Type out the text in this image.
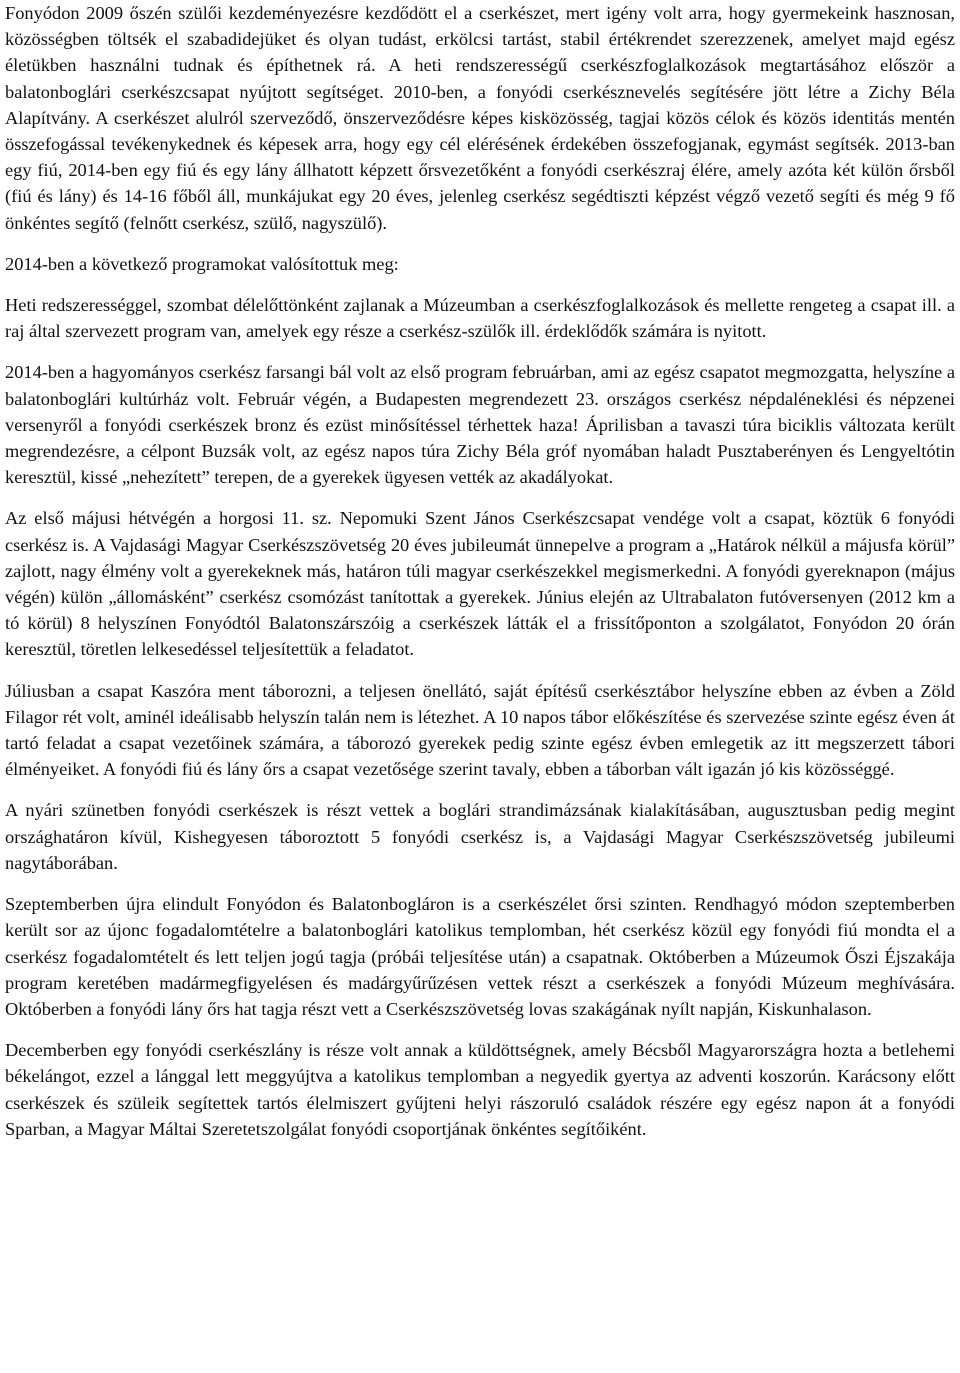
Fonyódon 2009 őszén szülői kezdeményezésre kezdődött el a cserkészet, mert igény volt arra, hogy gyermekeink hasznosan, közösségben töltsék el szabadidejüket és olyan tudást, erkölcsi tartást, stabil értékrendet szerezzenek, amelyet majd egész életükben használni tudnak és építhetnek rá. A heti rendszerességű cserkészfoglalkozások megtartásához először a balatonboglári cserkészcsapat nyújtott segítséget. 2010-ben, a fonyódi cserkésznevelés segítésére jött létre a Zichy Béla Alapítvány. A cserkészet alulról szerveződő, önszerveződésre képes kisközösség, tagjai közös célok és közös identitás mentén összefogással tevékenykednek és képesek arra, hogy egy cél elérésének érdekében összefogjanak, egymást segítsék. 2013-ban egy fiú, 2014-ben egy fiú és egy lány állhatott képzett őrsvezetőként a fonyódi cserkészraj élére, amely azóta két külön őrsből (fiú és lány) és 14-16 főből áll, munkájukat egy 20 éves, jelenleg cserkész segédtiszti képzést végző vezető segíti és még 9 fő önkéntes segítő (felnőtt cserkész, szülő, nagyszülő).

2014-ben a következő programokat valósítottuk meg:

Heti redszerességgel, szombat délelőttönként zajlanak a Múzeumban a cserkészfoglalkozások és mellette rengeteg a csapat ill. a raj által szervezett program van, amelyek egy része a cserkész-szülők ill. érdeklődők számára is nyitott.

2014-ben a hagyományos cserkész farsangi bál volt az első program februárban, ami az egész csapatot megmozgatta, helyszíne a balatonboglári kultúrház volt. Február végén, a Budapesten megrendezett 23. országos cserkész népdaléneklési és népzenei versenyről a fonyódi cserkészek bronz és ezüst minősítéssel térhettek haza! Áprilisban a tavaszi túra biciklis változata került megrendezésre, a célpont Buzsák volt, az egész napos túra Zichy Béla gróf nyomában haladt Pusztaberényen és Lengyeltótin keresztül, kissé „nehezített” terepen, de a gyerekek ügyesen vették az akadályokat.

Az első májusi hétvégén a horgosi 11. sz. Nepomuki Szent János Cserkészcsapat vendége volt a csapat, köztük 6 fonyódi cserkész is. A Vajdasági Magyar Cserkészszövetség 20 éves jubileumát ünnepelve a program a „Határok nélkül a májusfa körül” zajlott, nagy élmény volt a gyerekeknek más, határon túli magyar cserkészekkel megismerkedni. A fonyódi gyereknapon (május végén) külön „állomásként” cserkész csomózást tanítottak a gyerekek. Június elején az Ultrabalaton futóversenyen (2012 km a tó körül) 8 helyszínen Fonyódtól Balatonszárszóig a cserkészek látták el a frissítőponton a szolgálatot, Fonyódon 20 órán keresztül, töretlen lelkesedéssel teljesítettük a feladatot.

Júliusban a csapat Kaszóra ment táborozni, a teljesen önellátó, saját építésű cserkésztábor helyszíne ebben az évben a Zöld Filagor rét volt, aminél ideálisabb helyszín talán nem is létezhet. A 10 napos tábor előkészítése és szervezése szinte egész éven át tartó feladat a csapat vezetőinek számára, a táborozó gyerekek pedig szinte egész évben emlegetik az itt megszerzett tábori élményeiket. A fonyódi fiú és lány őrs a csapat vezetősége szerint tavaly, ebben a táborban vált igazán jó kis közösséggé.

A nyári szünetben fonyódi cserkészek is részt vettek a boglári strandimázsának kialakításában, augusztusban pedig megint országhatáron kívül, Kishegyesen táboroztott 5 fonyódi cserkész is, a Vajdasági Magyar Cserkészszövetség jubileumi nagytáborában.

Szeptemberben újra elindult Fonyódon és Balatonbogláron is a cserkészélet őrsi szinten. Rendhagyó módon szeptemberben került sor az újonc fogadalomtételre a balatonboglári katolikus templomban, hét cserkész közül egy fonyódi fiú mondta el a cserkész fogadalomtételt és lett teljen jogú tagja (próbái teljesítése után) a csapatnak. Októberben a Múzeumok Őszi Éjszakája program keretében madármegfigyelésen és madárgyűrűzésen vettek részt a cserkészek a fonyódi Múzeum meghívására. Októberben a fonyódi lány őrs hat tagja részt vett a Cserkészszövetség lovas szakágának nyílt napján, Kiskunhalason.

Decemberben egy fonyódi cserkészlány is része volt annak a küldöttségnek, amely Bécsből Magyarországra hozta a betlehemi békelángot, ezzel a lánggal lett meggyújtva a katolikus templomban a negyedik gyertya az adventi koszorún. Karácsony előtt cserkészek és szüleik segítettek tartós élelmiszert gyűjteni helyi rászoruló családok részére egy egész napon át a fonyódi Sparban, a Magyar Máltai Szeretetszolgálat fonyódi csoportjának önkéntes segítőiként.
